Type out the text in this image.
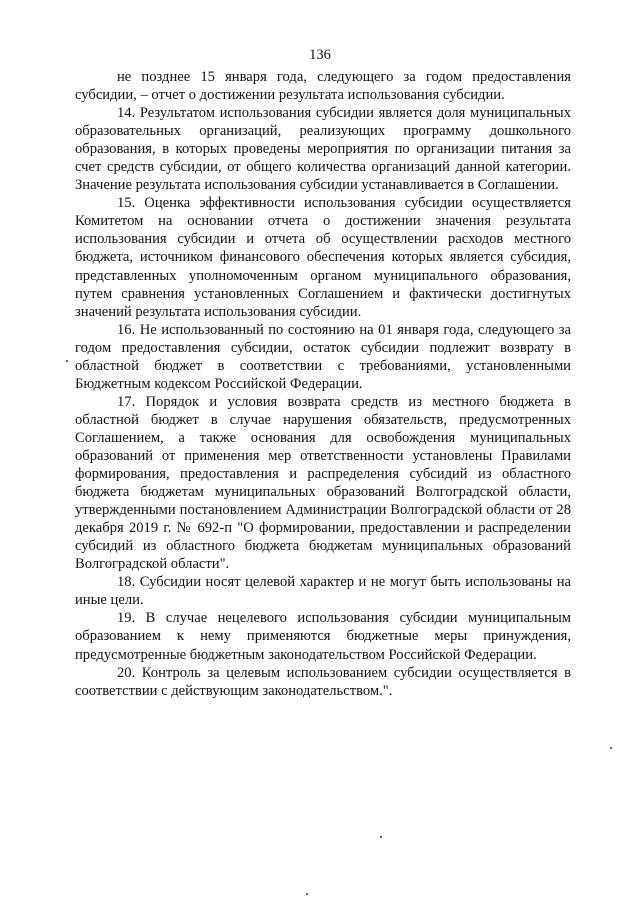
136

не позднее 15 января года, следующего за годом предоставления субсидии, – отчет о достижении результата использования субсидии.

14. Результатом использования субсидии является доля муниципальных образовательных организаций, реализующих программу дошкольного образования, в которых проведены мероприятия по организации питания за счет средств субсидии, от общего количества организаций данной категории. Значение результата использования субсидии устанавливается в Соглашении.

15. Оценка эффективности использования субсидии осуществляется Комитетом на основании отчета о достижении значения результата использования субсидии и отчета об осуществлении расходов местного бюджета, источником финансового обеспечения которых является субсидия, представленных уполномоченным органом муниципального образования, путем сравнения установленных Соглашением и фактически достигнутых значений результата использования субсидии.

16. Не использованный по состоянию на 01 января года, следующего за годом предоставления субсидии, остаток субсидии подлежит возврату в областной бюджет в соответствии с требованиями, установленными Бюджетным кодексом Российской Федерации.

17. Порядок и условия возврата средств из местного бюджета в областной бюджет в случае нарушения обязательств, предусмотренных Соглашением, а также основания для освобождения муниципальных образований от применения мер ответственности установлены Правилами формирования, предоставления и распределения субсидий из областного бюджета бюджетам муниципальных образований Волгоградской области, утвержденными постановлением Администрации Волгоградской области от 28 декабря 2019 г. № 692-п "О формировании, предоставлении и распределении субсидий из областного бюджета бюджетам муниципальных образований Волгоградской области".

18. Субсидии носят целевой характер и не могут быть использованы на иные цели.

19. В случае нецелевого использования субсидии муниципальным образованием к нему применяются бюджетные меры принуждения, предусмотренные бюджетным законодательством Российской Федерации.

20. Контроль за целевым использованием субсидии осуществляется в соответствии с действующим законодательством.".
